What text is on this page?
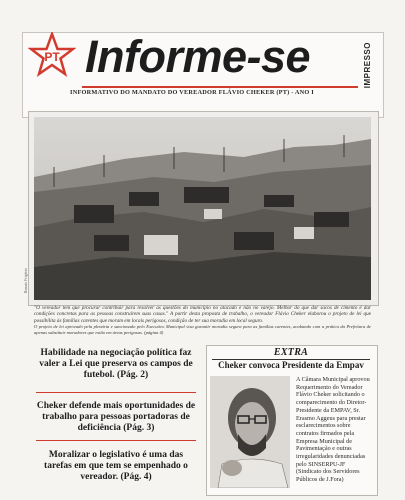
PT Informe-se	IMPRESSO
INFORMATIVO DO MANDATO DO VEREADOR FLÁVIO CHEKER (PT) - ANO I
Renato Frigério

"O vereador tem que procurar contribuir para resolver as questões do município no atacado e não no varejo. Melhor do que dar sacos de cimento é dar condições concretas para as pessoas construírem suas casas." A partir desta proposta de trabalho, o vereador Flávio Cheker elaborou o projeto de lei que possibilita às famílias carentes que moram em locais perigosos, condição de ter sua moradia em local seguro.

O projeto de lei aprovado pela plenária e sancionado pelo Executivo Municipal visa garantir moradia segura para as famílias carentes, acabando com a prática da Prefeitura de apenas substituir moradores que estão em áreas perigosas. (página 4)

Habilidade na negociação política faz valer a Lei que preserva os campos de futebol. (Pág. 2)
Cheker defende mais oportunidades de trabalho para pessoas portadoras de deficiência (Pág. 3)
Moralizar o legislativo é uma das tarefas em que tem se empenhado o vereador. (Pág. 4)
EXTRA
Cheker convoca Presidente da Empav
A Câmara Municipal aprovou Requerimento do Vereador Flávio Cheker solicitando o comparecimento do Diretor-Presidente da EMPAV, Sr. Erasmo Aggeus para prestar esclarecimentos sobre contratos firmados pela Empresa Municipal de Pavimentação e outras irregularidades denunciadas pelo SINSERPU-JF (Sindicato dos Servidores Públicos de J.Fora)
